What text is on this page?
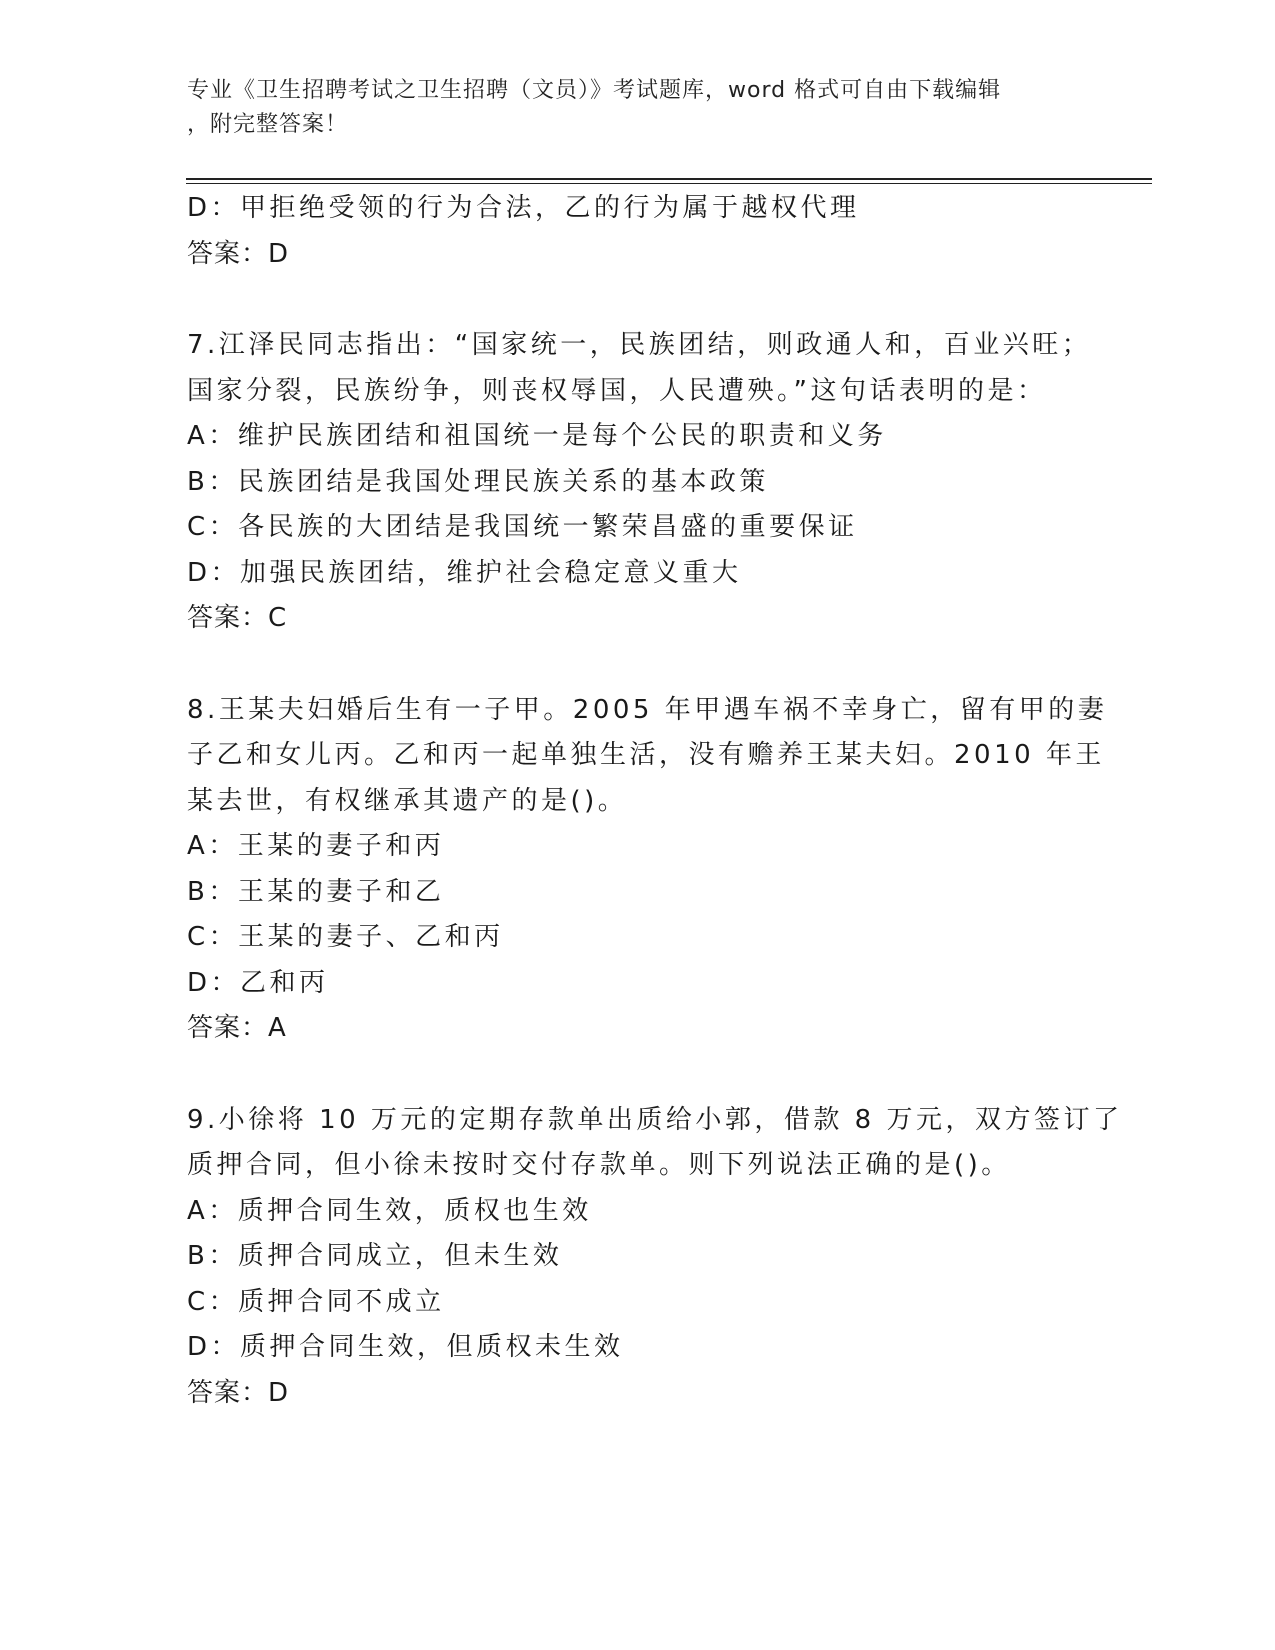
专业《卫生招聘考试之卫生招聘（文员）》考试题库，word 格式可自由下载编辑
，附完整答案！
D：甲拒绝受领的行为合法，乙的行为属于越权代理
答案：D
7.江泽民同志指出：“国家统一，民族团结，则政通人和，百业兴旺；
国家分裂，民族纷争，则丧权辱国，人民遭殃。”这句话表明的是：
A：维护民族团结和祖国统一是每个公民的职责和义务
B：民族团结是我国处理民族关系的基本政策
C：各民族的大团结是我国统一繁荣昌盛的重要保证
D：加强民族团结，维护社会稳定意义重大
答案：C
8.王某夫妇婚后生有一子甲。2005 年甲遇车祸不幸身亡，留有甲的妻
子乙和女儿丙。乙和丙一起单独生活，没有赡养王某夫妇。2010 年王
某去世，有权继承其遗产的是()。
A：王某的妻子和丙
B：王某的妻子和乙
C：王某的妻子、乙和丙
D：乙和丙
答案：A
9.小徐将 10 万元的定期存款单出质给小郭，借款 8 万元，双方签订了
质押合同，但小徐未按时交付存款单。则下列说法正确的是()。
A：质押合同生效，质权也生效
B：质押合同成立，但未生效
C：质押合同不成立
D：质押合同生效，但质权未生效
答案：D
